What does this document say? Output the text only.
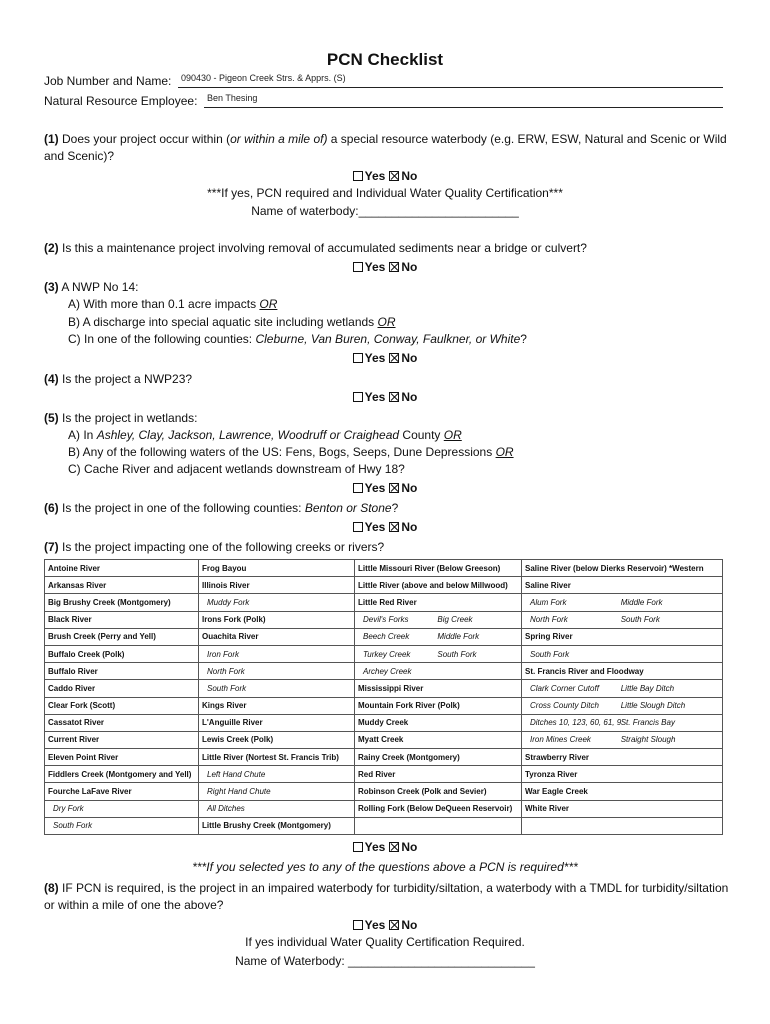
PCN Checklist
Job Number and Name: 090430 - Pigeon Creek Strs. & Apprs. (S)
Natural Resource Employee: Ben Thesing
(1) Does your project occur within (or within a mile of) a special resource waterbody (e.g. ERW, ESW, Natural and Scenic or Wild and Scenic)?
Yes No
***If yes, PCN required and Individual Water Quality Certification***
Name of waterbody:________________________
(2) Is this a maintenance project involving removal of accumulated sediments near a bridge or culvert?
Yes No
(3) A NWP No 14:
A) With more than 0.1 acre impacts OR
B) A discharge into special aquatic site including wetlands OR
C) In one of the following counties: Cleburne, Van Buren, Conway, Faulkner, or White?
Yes No
(4) Is the project a NWP23?
Yes No
(5) Is the project in wetlands:
A) In Ashley, Clay, Jackson, Lawrence, Woodruff or Craighead County OR
B) Any of the following waters of the US: Fens, Bogs, Seeps, Dune Depressions OR
C) Cache River and adjacent wetlands downstream of Hwy 18?
Yes No
(6) Is the project in one of the following counties: Benton or Stone?
Yes No
(7) Is the project impacting one of the following creeks or rivers?
Antoine River	Frog Bayou	Little Missouri River (Below Greeson)	Saline River (below Dierks Reservoir) *Western
Arkansas River	Illinois River	Little River (above and below Millwood)	Saline River
Big Brushy Creek (Montgomery)	Muddy Fork	Little Red River	Alum Fork Middle Fork
Black River	Irons Fork (Polk)	Devil's Forks Big Creek	North Fork South Fork
Brush Creek (Perry and Yell)	Ouachita River	Beech Creek Middle Fork	Spring River
Buffalo Creek (Polk)	Iron Fork	Turkey Creek South Fork	South Fork
Buffalo River	North Fork	Archey Creek	St. Francis River and Floodway
Caddo River	South Fork	Mississippi River	Clark Corner Cutoff Little Bay Ditch
Clear Fork (Scott)	Kings River	Mountain Fork River (Polk)	Cross County Ditch Little Slough Ditch
Cassatot River	L'Anguille River	Muddy Creek	Ditches 10, 123, 60, 61, 9St. Francis Bay
Current River	Lewis Creek (Polk)	Myatt Creek	Iron Mines Creek Straight Slough
Eleven Point River	Little River (Nortest St. Francis Trib)	Rainy Creek (Montgomery)	Strawberry River
Fiddlers Creek (Montgomery and Yell)	Left Hand Chute	Red River	Tyronza River
Fourche LaFave River	Right Hand Chute	Robinson Creek (Polk and Sevier)	War Eagle Creek
Dry Fork	All Ditches	Rolling Fork (Below DeQueen Reservoir)	White River
South Fork	Little Brushy Creek (Montgomery)		
Yes No
***If you selected yes to any of the questions above a PCN is required***
(8) IF PCN is required, is the project in an impaired waterbody for turbidity/siltation, a waterbody with a TMDL for turbidity/siltation or within a mile of one the above?
Yes No
If yes individual Water Quality Certification Required.
Name of Waterbody: ____________________________
